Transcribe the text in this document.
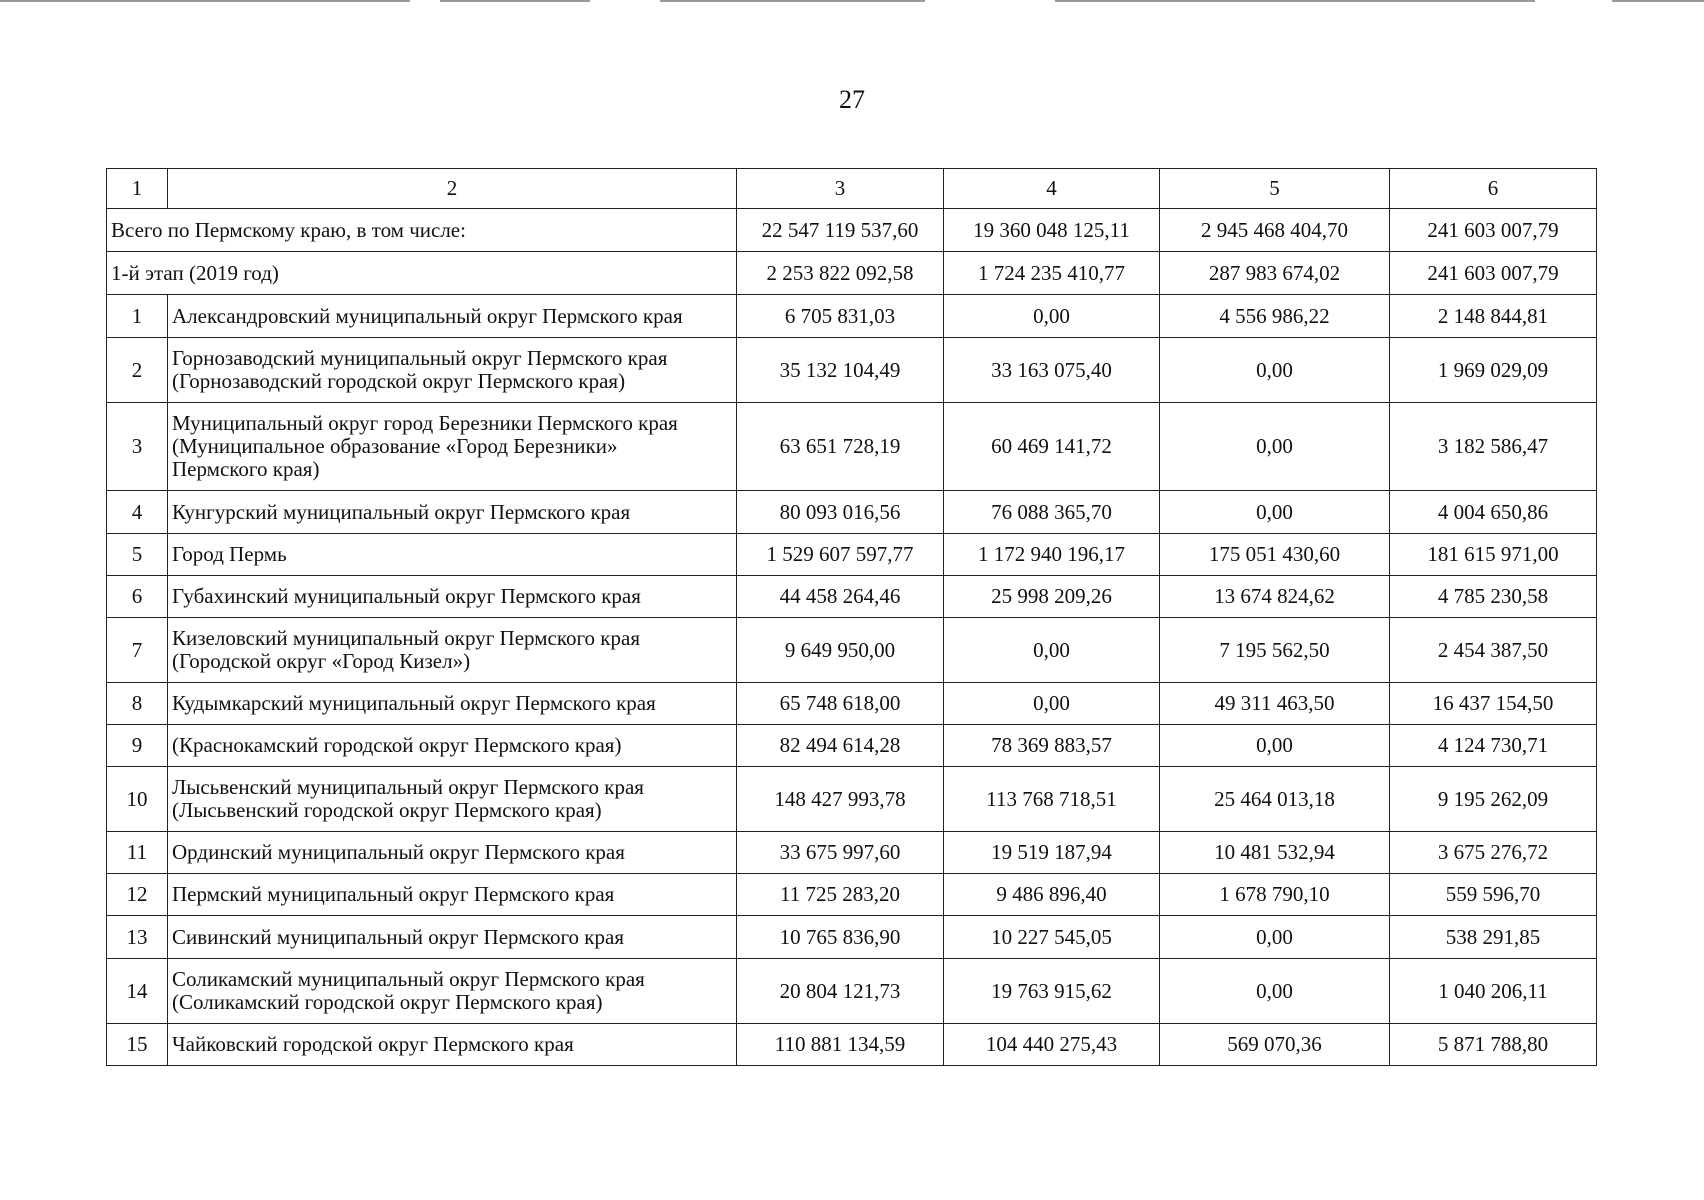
27
1	2	3	4	5	6
Всего по Пермскому краю, в том числе:		22 547 119 537,60	19 360 048 125,11	2 945 468 404,70	241 603 007,79
1-й этап (2019 год)		2 253 822 092,58	1 724 235 410,77	287 983 674,02	241 603 007,79
1	Александровский муниципальный округ Пермского края	6 705 831,03	0,00	4 556 986,22	2 148 844,81
2	Горнозаводский муниципальный округ Пермского края
(Горнозаводский городской округ Пермского края)	35 132 104,49	33 163 075,40	0,00	1 969 029,09
3	Муниципальный округ город Березники Пермского края
(Муниципальное образование «Город Березники»
Пермского края)	63 651 728,19	60 469 141,72	0,00	3 182 586,47
4	Кунгурский муниципальный округ Пермского края	80 093 016,56	76 088 365,70	0,00	4 004 650,86
5	Город Пермь	1 529 607 597,77	1 172 940 196,17	175 051 430,60	181 615 971,00
6	Губахинский муниципальный округ Пермского края	44 458 264,46	25 998 209,26	13 674 824,62	4 785 230,58
7	Кизеловский муниципальный округ Пермского края
(Городской округ «Город Кизел»)	9 649 950,00	0,00	7 195 562,50	2 454 387,50
8	Кудымкарский муниципальный округ Пермского края	65 748 618,00	0,00	49 311 463,50	16 437 154,50
9	(Краснокамский городской округ Пермского края)	82 494 614,28	78 369 883,57	0,00	4 124 730,71
10	Лысьвенский муниципальный округ Пермского края
(Лысьвенский городской округ Пермского края)	148 427 993,78	113 768 718,51	25 464 013,18	9 195 262,09
11	Ординский муниципальный округ Пермского края	33 675 997,60	19 519 187,94	10 481 532,94	3 675 276,72
12	Пермский муниципальный округ Пермского края	11 725 283,20	9 486 896,40	1 678 790,10	559 596,70
13	Сивинский муниципальный округ Пермского края	10 765 836,90	10 227 545,05	0,00	538 291,85
14	Соликамский муниципальный округ Пермского края
(Соликамский городской округ Пермского края)	20 804 121,73	19 763 915,62	0,00	1 040 206,11
15	Чайковский городской округ Пермского края	110 881 134,59	104 440 275,43	569 070,36	5 871 788,80
